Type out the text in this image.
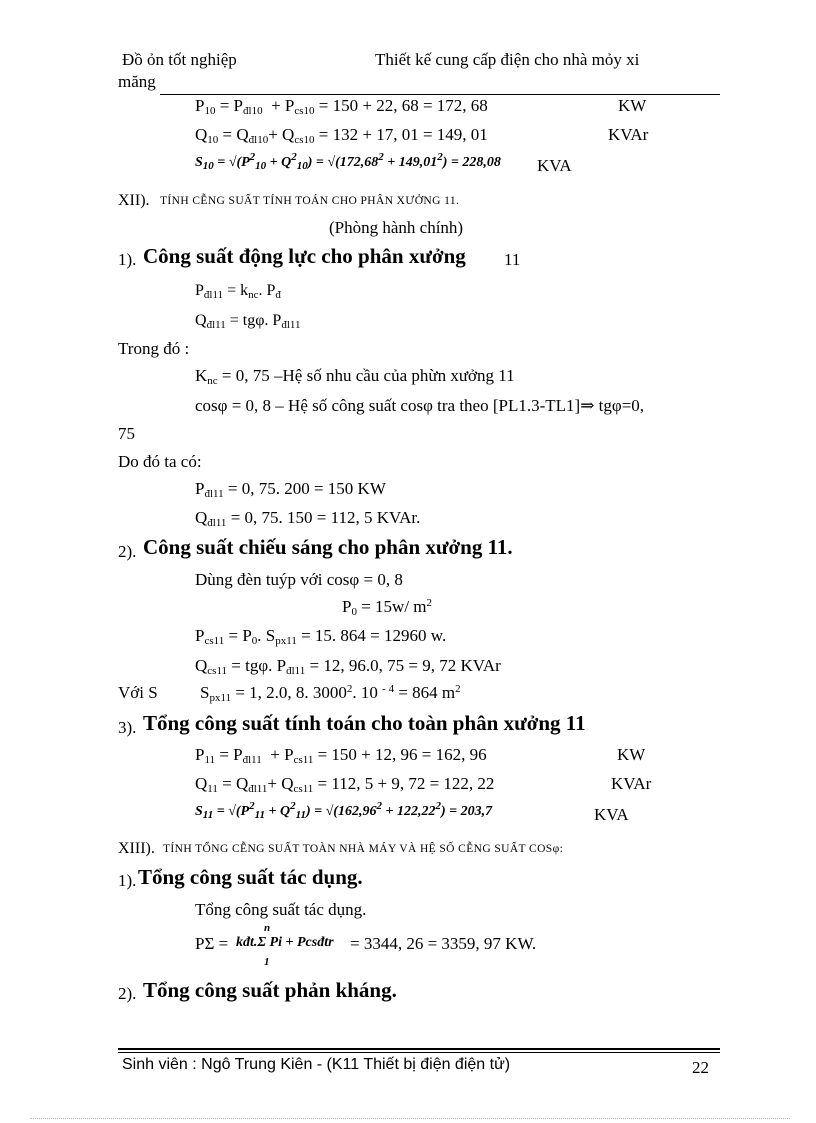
Đồ ỏn tốt nghiệp	Thiết kế cung cấp điện cho nhà mỏy xi
măng
$P_{10} = P_{đl10} + P_{cs10} = 150 + 22$, 68 = 172, 68	KW
$Q_{10} = Q_{đl10}+ Q_{cs10} = 132 + 17$, 01 = 149, 01	KVAr
$S_{10} = √(P^2_{10} + Q^2_{10}) = √(172,68^2 + 149,01^2) = 228,08$ KVA
XII). TÍNH CỄNG SUẤT TÍNH TOÁN CHO PHÂN XƯỞNG 11.
(Phòng hành chính)
1). Công suất động lực cho phân xưởng 11
$P_{đl11} = k_{nc}$. $P_đ$
$Q_{đl11} = tg\varphi$. $P_{đl11}$
Trong đó :
$K_{nc} = 0$, 75 –Hệ số nhu cầu của phừn xưởng 11
cosφ = 0, 8 – Hệ số công suất cosφ tra theo [PL1.3-TL1]⇒ tgφ=0,
75
Do đó ta có:
$P_{đl11} = 0$, 75. 200 = 150 KW
$Q_{đl11} = 0$, 75. 150 = 112, 5 KVAr.
2). Công suất chiếu sáng cho phân xưởng 11.
Dùng đèn tuýp với cosφ = 0, 8
$P_0 = 15w/$ $m^2$
$P_{cs11} = P_0$. $S_{px11} = 15$. 864 = 12960 w.
$Q_{cs11} = tg\varphi$. $P_{đl11} = 12$, 96.0, 75 = 9, 72 KVAr
Với S $S_{px11} = 1$, 2.0, 8. 3000$^2$. 10 $^{- 4}$ = 864 $m^2$
3). Tổng công suất tính toán cho toàn phân xưởng 11
$P_{11} = P_{đl11} + P_{cs11} = 150 + 12$, 96 = 162, 96	KW
$Q_{11} = Q_{đl11}+ Q_{cs11} = 112$, 5 + 9, 72 = 122, 22	KVAr
$S_{11} = √(P^2_{11} + Q^2_{11}) = √(162,96^2 + 122,22^2) = 203,7$	KVA
XIII). TÍNH TỔNG CỄNG SUẤT TOÀN NHÀ MÁY VÀ HỆ SỐ CỄNG SUẤT COSφ:
1). Tổng công suất tác dụng.
Tổng công suất tác dụng.
PΣ =
n
kđt.Σ Pi + Pcsđtr
1
= 3344, 26 = 3359, 97 KW.
2). Tổng công suất phản kháng.
Sinh viên : Ngô Trung Kiên - (K11 Thiết bị điện điện tử)	22
